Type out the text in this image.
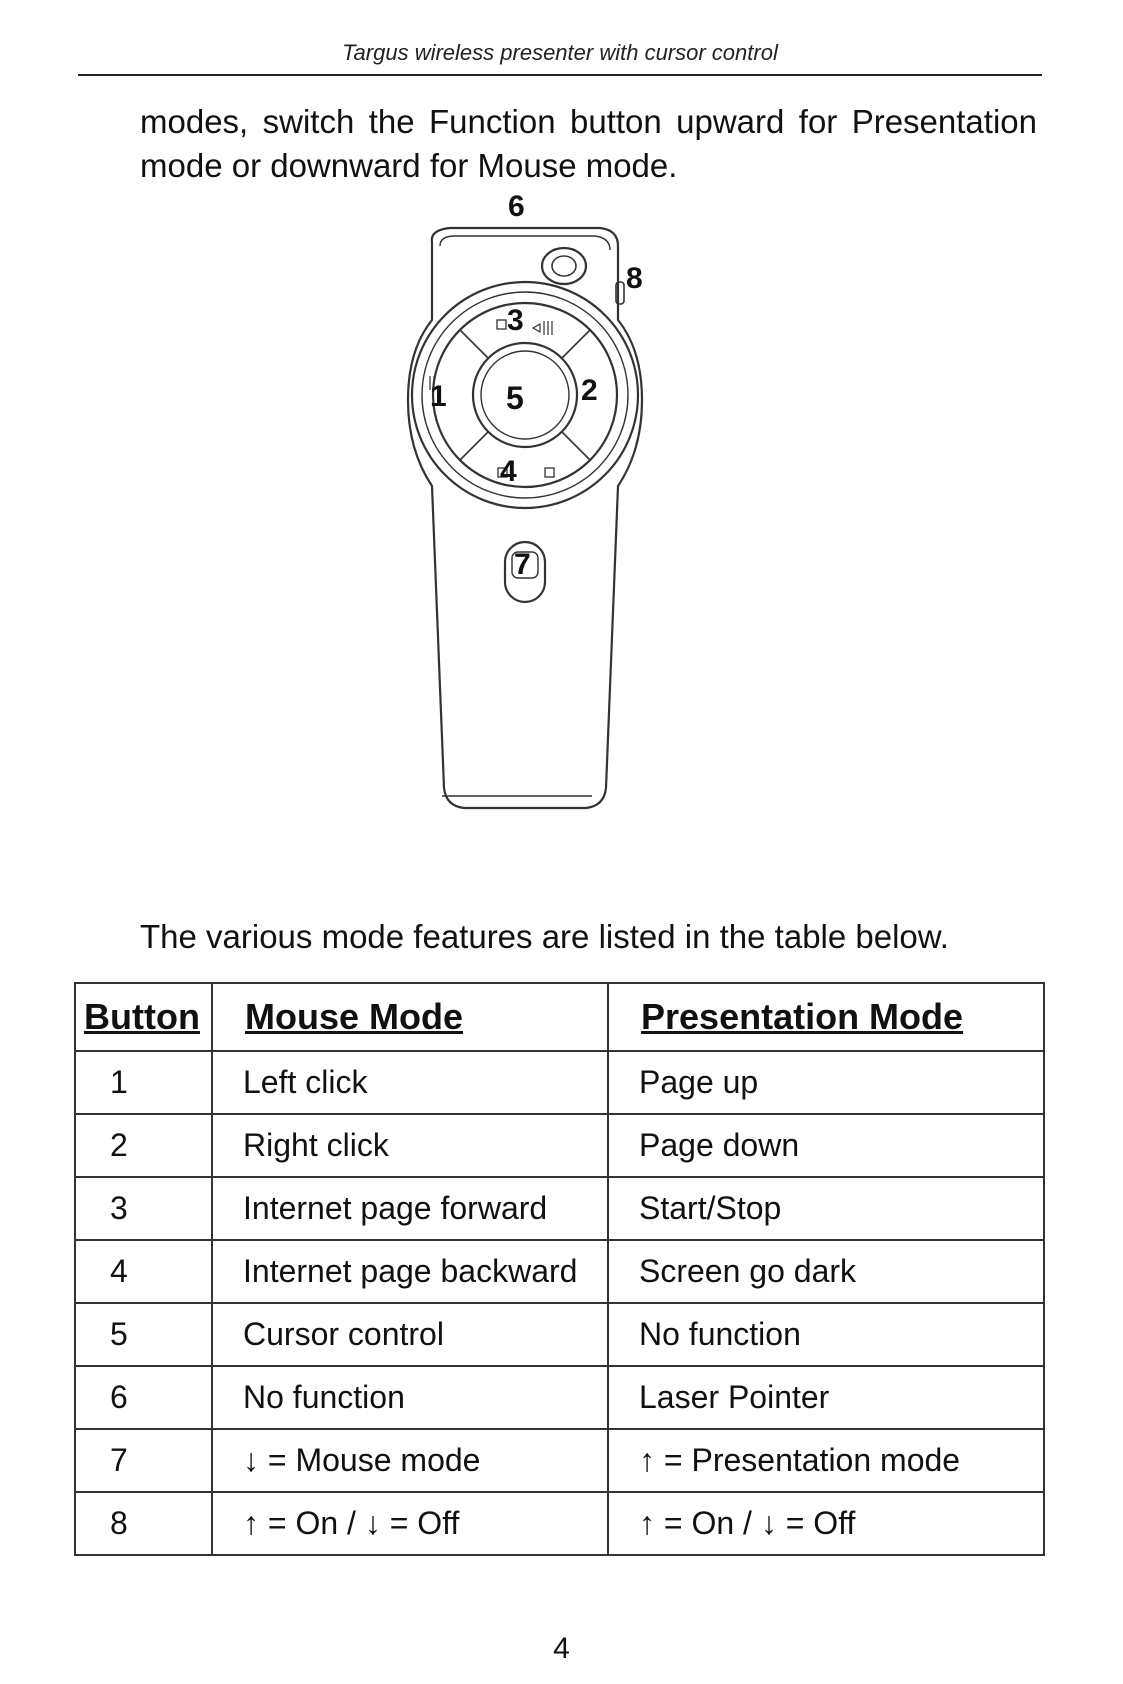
Targus wireless presenter with cursor control
modes, switch the Function button upward for Presentation mode or downward for Mouse mode.
6
8
3
1 5 2
4
7
The various mode features are listed in the table below.
Button	Mouse Mode	Presentation Mode
1	Left click	Page up
2	Right click	Page down
3	Internet page forward	Start/Stop
4	Internet page backward	Screen go dark
5	Cursor control	No function
6	No function	Laser Pointer
7	↓ = Mouse mode	↑ = Presentation mode
8	↑ = On / ↓ = Off	↑ = On / ↓ = Off
4
